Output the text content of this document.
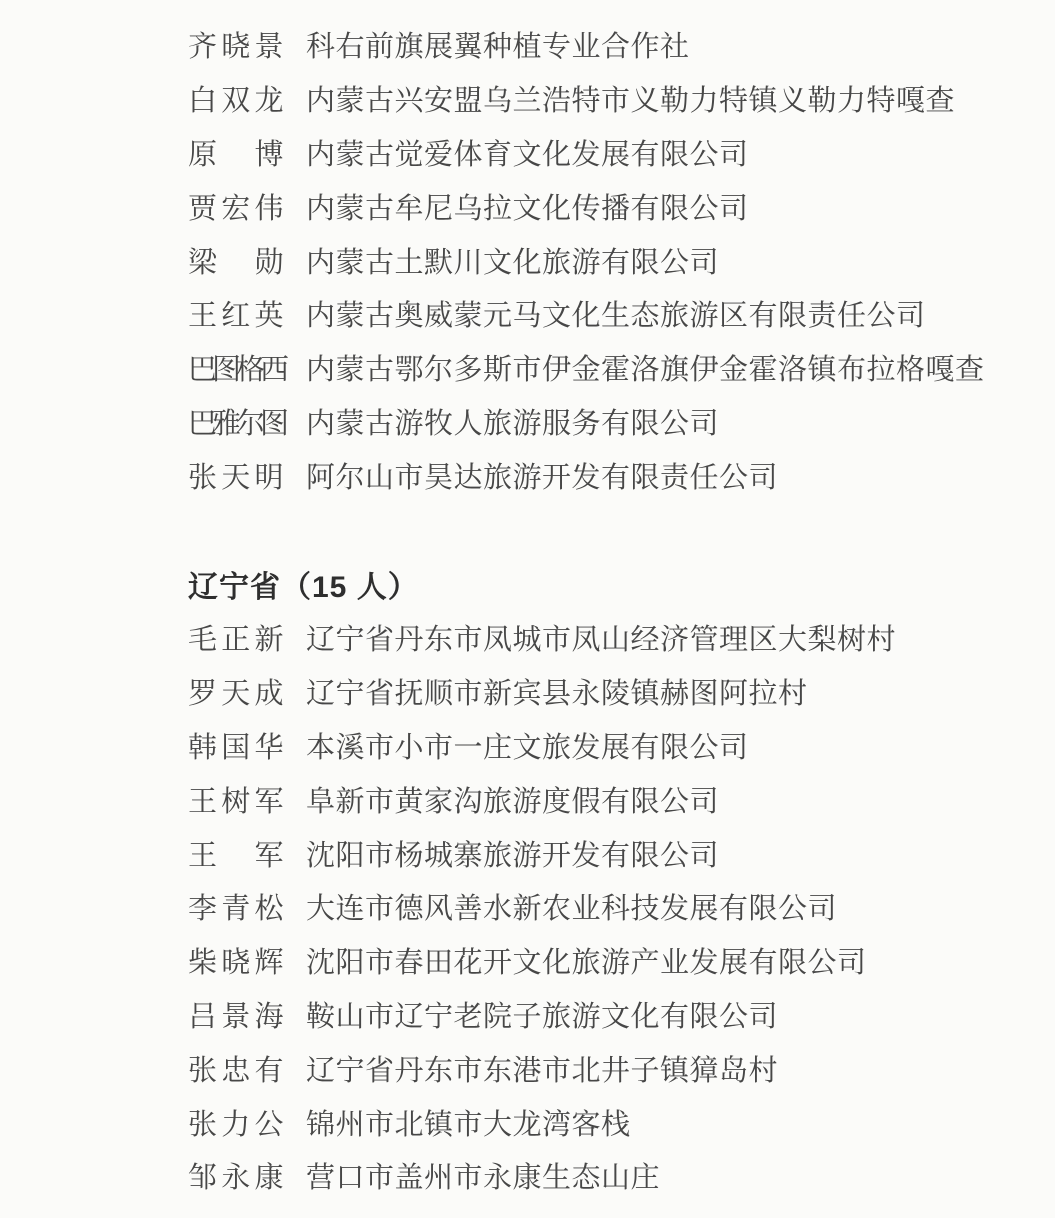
齐晓景 科右前旗展翼种植专业合作社
白双龙 内蒙古兴安盟乌兰浩特市义勒力特镇义勒力特嘎查
原　博 内蒙古觉爱体育文化发展有限公司
贾宏伟 内蒙古牟尼乌拉文化传播有限公司
梁　勋 内蒙古土默川文化旅游有限公司
王红英 内蒙古奥威蒙元马文化生态旅游区有限责任公司
巴图格西 内蒙古鄂尔多斯市伊金霍洛旗伊金霍洛镇布拉格嘎查
巴雅尔图 内蒙古游牧人旅游服务有限公司
张天明 阿尔山市昊达旅游开发有限责任公司
辽宁省（15 人）
毛正新 辽宁省丹东市凤城市凤山经济管理区大梨树村
罗天成 辽宁省抚顺市新宾县永陵镇赫图阿拉村
韩国华 本溪市小市一庄文旅发展有限公司
王树军 阜新市黄家沟旅游度假有限公司
王　军 沈阳市杨城寨旅游开发有限公司
李青松 大连市德风善水新农业科技发展有限公司
柴晓辉 沈阳市春田花开文化旅游产业发展有限公司
吕景海 鞍山市辽宁老院子旅游文化有限公司
张忠有 辽宁省丹东市东港市北井子镇獐岛村
张力公 锦州市北镇市大龙湾客栈
邹永康 营口市盖州市永康生态山庄
